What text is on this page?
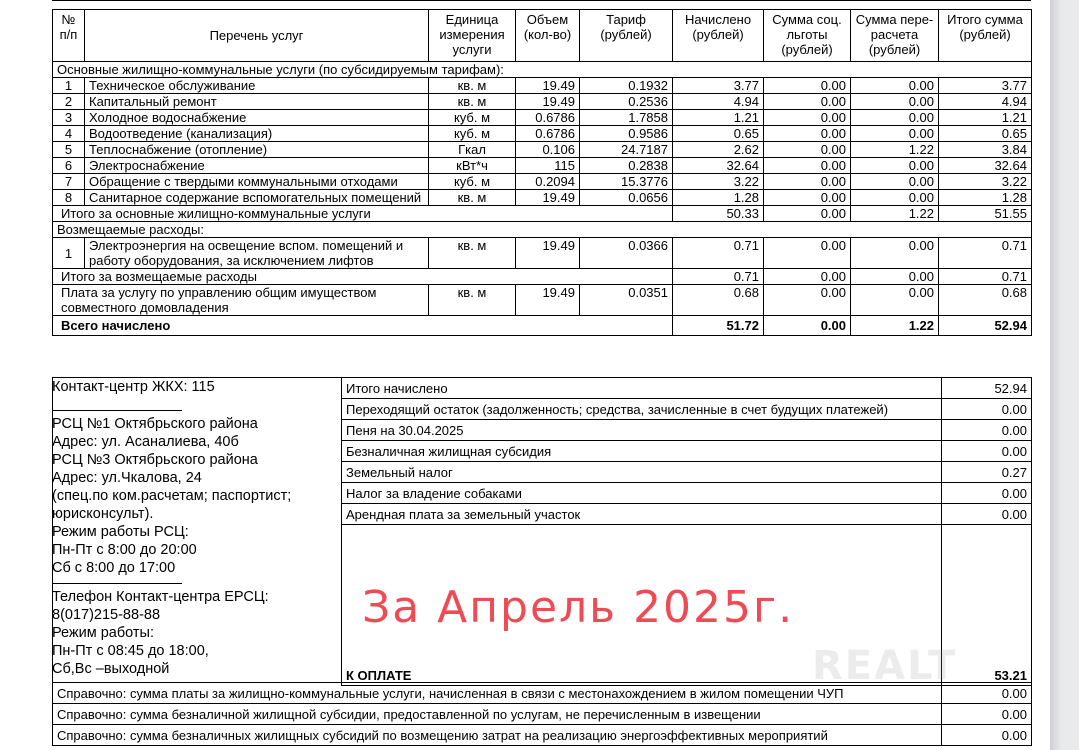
№ п/п	Перечень услуг	Единица измерения услуги	Объем (кол-во)	Тариф (рублей)	Начислено (рублей)	Сумма соц. льготы (рублей)	Сумма пере-расчета (рублей)	Итого сумма (рублей)
Основные жилищно-коммунальные услуги (по субсидируемым тарифам):								
1	Техническое обслуживание	кв. м	19.49	0.1932	3.77	0.00	0.00	3.77
2	Капитальный ремонт	кв. м	19.49	0.2536	4.94	0.00	0.00	4.94
3	Холодное водоснабжение	куб. м	0.6786	1.7858	1.21	0.00	0.00	1.21
4	Водоотведение (канализация)	куб. м	0.6786	0.9586	0.65	0.00	0.00	0.65
5	Теплоснабжение (отопление)	Гкал	0.106	24.7187	2.62	0.00	1.22	3.84
6	Электроснабжение	кВт*ч	115	0.2838	32.64	0.00	0.00	32.64
7	Обращение с твердыми коммунальными отходами	куб. м	0.2094	15.3776	3.22	0.00	0.00	3.22
8	Санитарное содержание вспомогательных помещений	кв. м	19.49	0.0656	1.28	0.00	0.00	1.28
Итого за основные жилищно-коммунальные услуги					50.33	0.00	1.22	51.55
Возмещаемые расходы:								
1	Электроэнергия на освещение вспом. помещений и работу оборудования, за исключением лифтов	кв. м	19.49	0.0366	0.71	0.00	0.00	0.71
Итого за возмещаемые расходы					0.71	0.00	0.00	0.71
Плата за услугу по управлению общим имуществом совместного домовладения		кв. м	19.49	0.0351	0.68	0.00	0.00	0.68
Всего начислено					51.72	0.00	1.22	52.94
Контакт-центр ЖКХ: 115
РСЦ №1 Октябрьского района
Адрес: ул. Асаналиева, 40б
РСЦ №3 Октябрьского района
Адрес: ул.Чкалова, 24
(спец.по ком.расчетам; паспортист;
юрисконсульт).
Режим работы РСЦ:
Пн-Пт с 8:00 до 20:00
Сб с 8:00 до 17:00
Телефон Контакт-центра ЕРСЦ:
8(017)215-88-88
Режим работы:
Пн-Пт с 08:45 до 18:00,
Сб,Вс –выходной
Итого начислено	52.94
Переходящий остаток (задолженность; средства, зачисленные в счет будущих платежей)	0.00
Пеня на 30.04.2025	0.00
Безналичная жилищная субсидия	0.00
Земельный налог	0.27
Налог за владение собаками	0.00
Арендная плата за земельный участок	0.00
К ОПЛАТЕ	53.21
Справочно: сумма платы за жилищно-коммунальные услуги, начисленная в связи с местонахождением в жилом помещении ЧУП	0.00
Справочно: сумма безналичной жилищной субсидии, предоставленной по услугам, не перечисленным в извещении	0.00
Справочно: сумма безналичных жилищных субсидий по возмещению затрат на реализацию энергоэффективных мероприятий	0.00
REALT
За Апрель 2025г.
